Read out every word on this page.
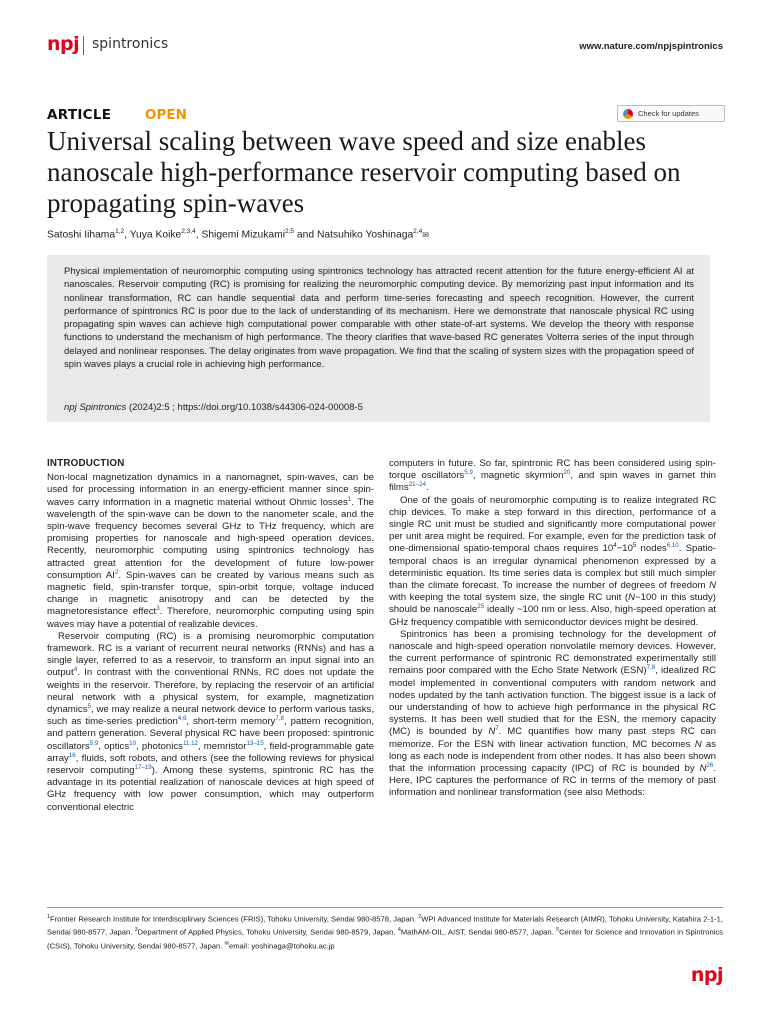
npj spintronics	www.nature.com/npjspintronics
ARTICLE OPEN	Check for updates
Universal scaling between wave speed and size enables nanoscale high-performance reservoir computing based on propagating spin-waves
Satoshi Iihama$^{1,2}$, Yuya Koike$^{2,3,4}$, Shigemi Mizukami$^{2,5}$ and Natsuhiko Yoshinaga$^{2,4}$✉
Physical implementation of neuromorphic computing using spintronics technology has attracted recent attention for the future energy-efficient AI at nanoscales. Reservoir computing (RC) is promising for realizing the neuromorphic computing device. By memorizing past input information and its nonlinear transformation, RC can handle sequential data and perform time-series forecasting and speech recognition. However, the current performance of spintronics RC is poor due to the lack of understanding of its mechanism. Here we demonstrate that nanoscale physical RC using propagating spin waves can achieve high computational power comparable with other state-of-art systems. We develop the theory with response functions to understand the mechanism of high performance. The theory clarifies that wave-based RC generates Volterra series of the input through delayed and nonlinear responses. The delay originates from wave propagation. We find that the scaling of system sizes with the propagation speed of spin waves plays a crucial role in achieving high performance.
npj Spintronics (2024)2:5 ; https://doi.org/10.1038/s44306-024-00008-5
INTRODUCTION

Non-local magnetization dynamics in a nanomagnet, spin-waves, can be used for processing information in an energy-efficient manner since spin-waves carry information in a magnetic material without Ohmic losses$^1$. The wavelength of the spin-wave can be down to the nanometer scale, and the spin-wave frequency becomes several GHz to THz frequency, which are promising properties for nanoscale and high-speed operation devices. Recently, neuromorphic computing using spintronics technology has attracted great attention for the development of future low-power consumption $AI^2$. Spin-waves can be created by various means such as magnetic field, spin-transfer torque, spin-orbit torque, voltage induced change in magnetic anisotropy and can be detected by the magnetoresistance effect$^3$. Therefore, neuromorphic computing using spin waves may have a potential of realizable devices.

Reservoir computing (RC) is a promising neuromorphic computation framework. RC is a variant of recurrent neural networks (RNNs) and has a single layer, referred to as a reservoir, to transform an input signal into an output$^4$. In contrast with the conventional RNNs, RC does not update the weights in the reservoir. Therefore, by replacing the reservoir of an artificial neural network with a physical system, for example, magnetization dynamics$^5$, we may realize a neural network device to perform various tasks, such as time-series prediction$^{4,6}$, short-term memory$^{7,8}$, pattern recognition, and pattern generation. Several physical RC have been proposed: spintronic oscillators$^{5,9}$, optics$^{10}$, photonics$^{11,12}$, memristor$^{13-15}$, field-programmable gate array$^{16}$, fluids, soft robots, and others (see the following reviews for physical reservoir computing$^{17-19}$). Among these systems, spintronic RC has the advantage in its potential realization of nanoscale devices at high speed of GHz frequency with low power consumption, which may outperform conventional electric

computers in future. So far, spintronic RC has been considered using spin-torque oscillators$^{5,9}$, magnetic skyrmion$^{20}$, and spin waves in garnet thin films$^{21-24}$.

One of the goals of neuromorphic computing is to realize integrated RC chip devices. To make a step forward in this direction, performance of a single RC unit must be studied and significantly more computational power per unit area might be required. For example, even for the prediction task of one-dimensional spatio-temporal chaos requires $10^4-10^5$ nodes$^{6,10}$. Spatio-temporal chaos is an irregular dynamical phenomenon expressed by a deterministic equation. Its time series data is complex but still much simpler than the climate forecast. To increase the number of degrees of freedom N with keeping the total system size, the single RC unit (N~100 in this study) should be nanoscale$^{25}$ ideally ~100 nm or less. Also, high-speed operation at GHz frequency compatible with semiconductor devices might be desired.

Spintronics has been a promising technology for the development of nanoscale and high-speed operation nonvolatile memory devices. However, the current performance of spintronic RC demonstrated experimentally still remains poor compared with the Echo State Network (ESN)$^{7,8}$, idealized RC model implemented in conventional computers with random network and nodes updated by the tanh activation function. The biggest issue is a lack of our understanding of how to achieve high performance in the physical RC systems. It has been well studied that for the ESN, the memory capacity (MC) is bounded by $N^7$. MC quantifies how many past steps RC can memorize. For the ESN with linear activation function, MC becomes N as long as each node is independent from other nodes. It has also been shown that the information processing capacity (IPC) of RC is bounded by $N^{26}$. Here, IPC captures the performance of RC in terms of the memory of past information and nonlinear transformation (see also Methods:

$^1$Frontier Research Institute for Interdisciplinary Sciences (FRIS), Tohoku University, Sendai 980-8578, Japan. $^2$WPI Advanced Institute for Materials Research (AIMR), Tohoku University, Katahira 2-1-1, Sendai 980-8577, Japan. $^3$Department of Applied Physics, Tohoku University, Sendai 980-8579, Japan. $^4$MathAM-OIL, AIST, Sendai 980-8577, Japan. $^5$Center for Science and Innovation in Spintronics (CSIS), Tohoku University, Sendai 980-8577, Japan. ✉email: yoshinaga@tohoku.ac.jp
npj
